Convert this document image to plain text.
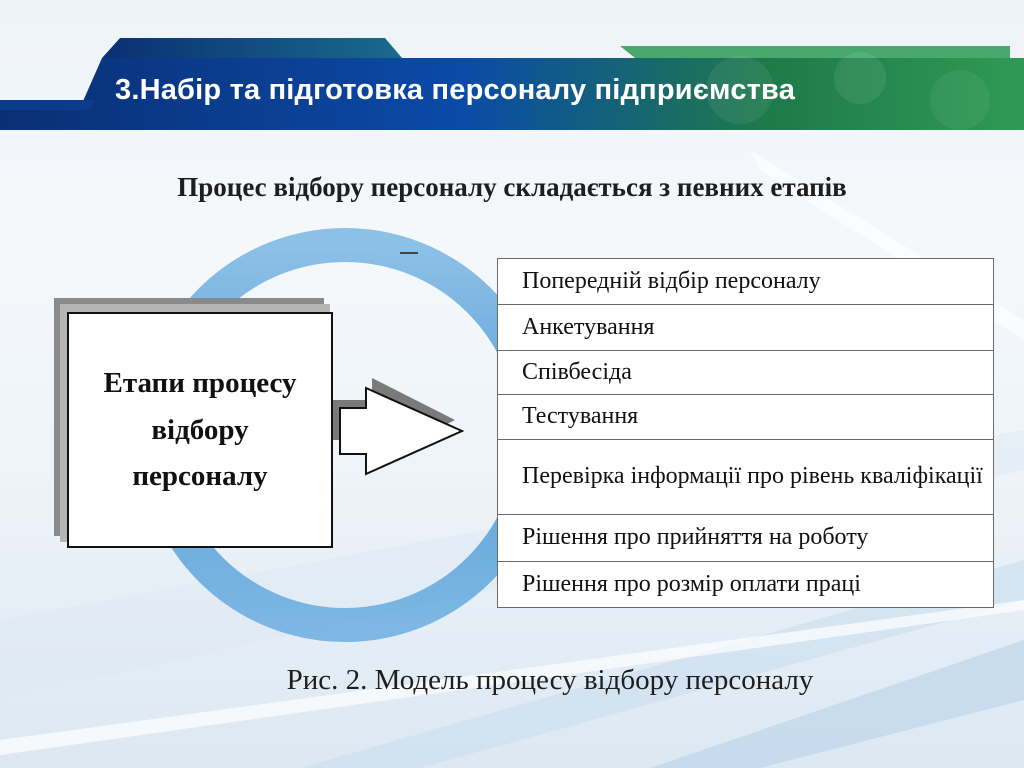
3.Набір та підготовка персоналу підприємства
Процес відбору персоналу складається з певних етапів
Етапи процесу
відбору
персоналу
Попередній відбір персоналу
Анкетування
Співбесіда
Тестування
Перевірка інформації про рівень кваліфікації
Рішення про прийняття на роботу
Рішення про розмір оплати праці
Рис. 2. Модель процесу відбору персоналу
